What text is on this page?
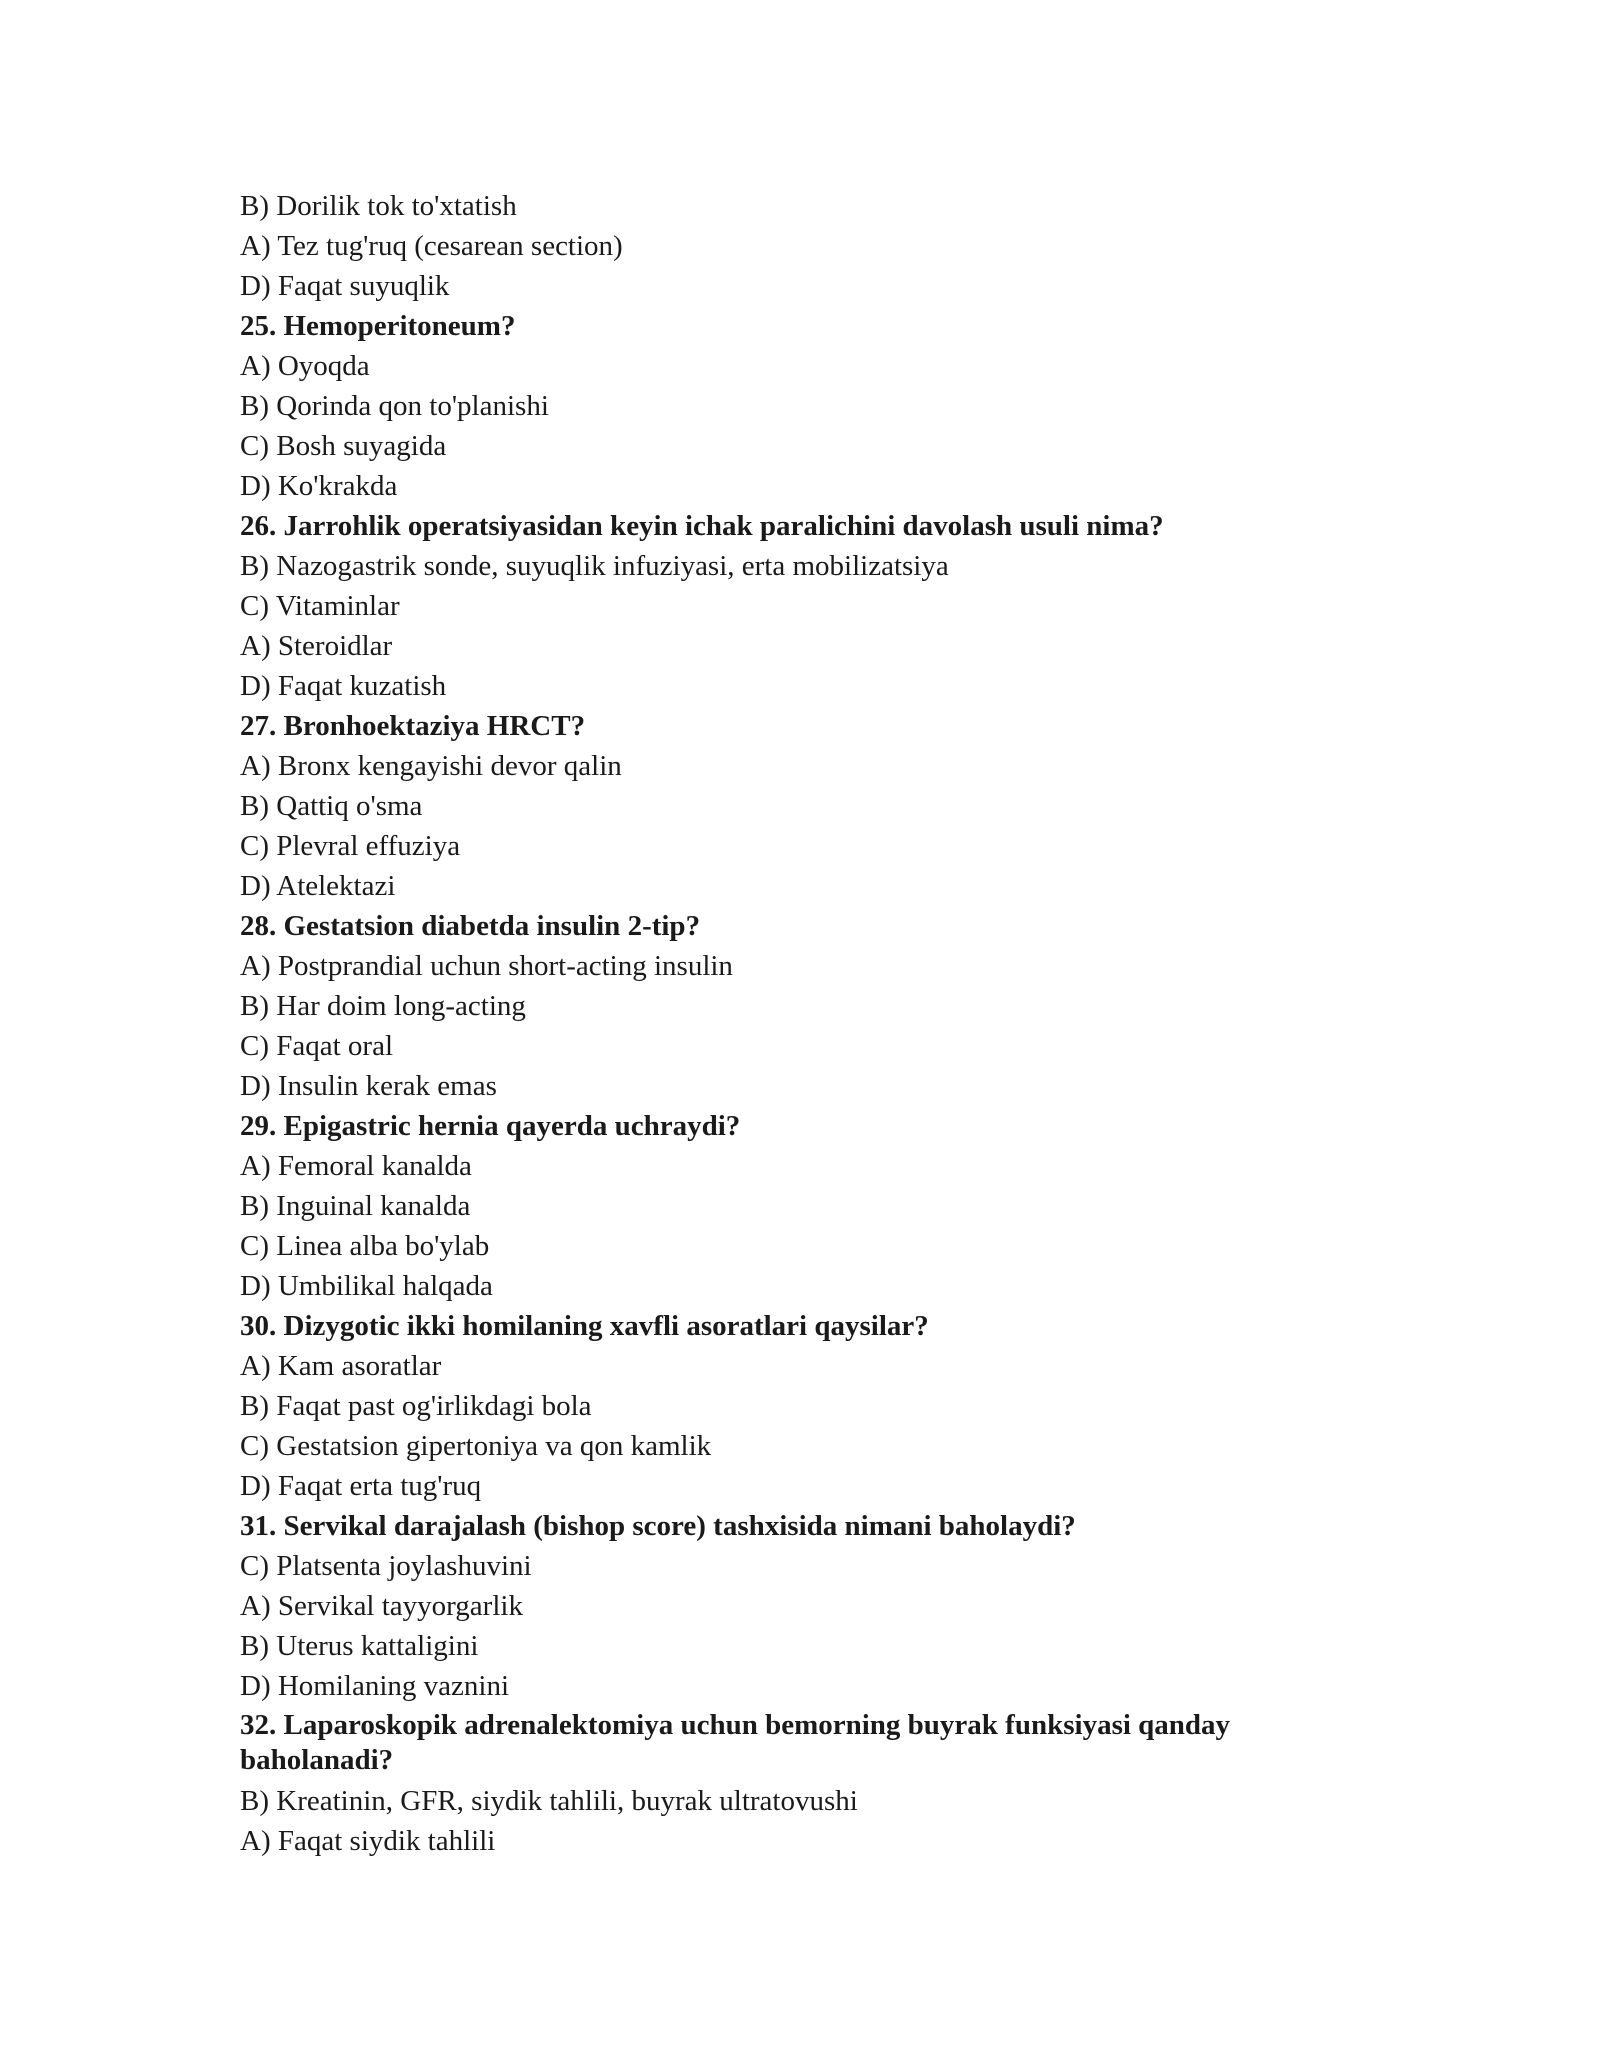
B) Dorilik tok to'xtatish
A) Tez tug'ruq (cesarean section)
D) Faqat suyuqlik
25. Hemoperitoneum?
A) Oyoqda
B) Qorinda qon to'planishi
C) Bosh suyagida
D) Ko'krakda
26. Jarrohlik operatsiyasidan keyin ichak paralichini davolash usuli nima?
B) Nazogastrik sonde, suyuqlik infuziyasi, erta mobilizatsiya
C) Vitaminlar
A) Steroidlar
D) Faqat kuzatish
27. Bronhoektaziya HRCT?
A) Bronx kengayishi devor qalin
B) Qattiq o'sma
C) Plevral effuziya
D) Atelektazi
28. Gestatsion diabetda insulin 2-tip?
A) Postprandial uchun short-acting insulin
B) Har doim long-acting
C) Faqat oral
D) Insulin kerak emas
29. Epigastric hernia qayerda uchraydi?
A) Femoral kanalda
B) Inguinal kanalda
C) Linea alba bo'ylab
D) Umbilikal halqada
30. Dizygotic ikki homilaning xavfli asoratlari qaysilar?
A) Kam asoratlar
B) Faqat past og'irlikdagi bola
C) Gestatsion gipertoniya va qon kamlik
D) Faqat erta tug'ruq
31. Servikal darajalash (bishop score) tashxisida nimani baholaydi?
C) Platsenta joylashuvini
A) Servikal tayyorgarlik
B) Uterus kattaligini
D) Homilaning vaznini
32. Laparoskopik adrenalektomiya uchun bemorning buyrak funksiyasi qanday baholanadi?
B) Kreatinin, GFR, siydik tahlili, buyrak ultratovushi
A) Faqat siydik tahlili
